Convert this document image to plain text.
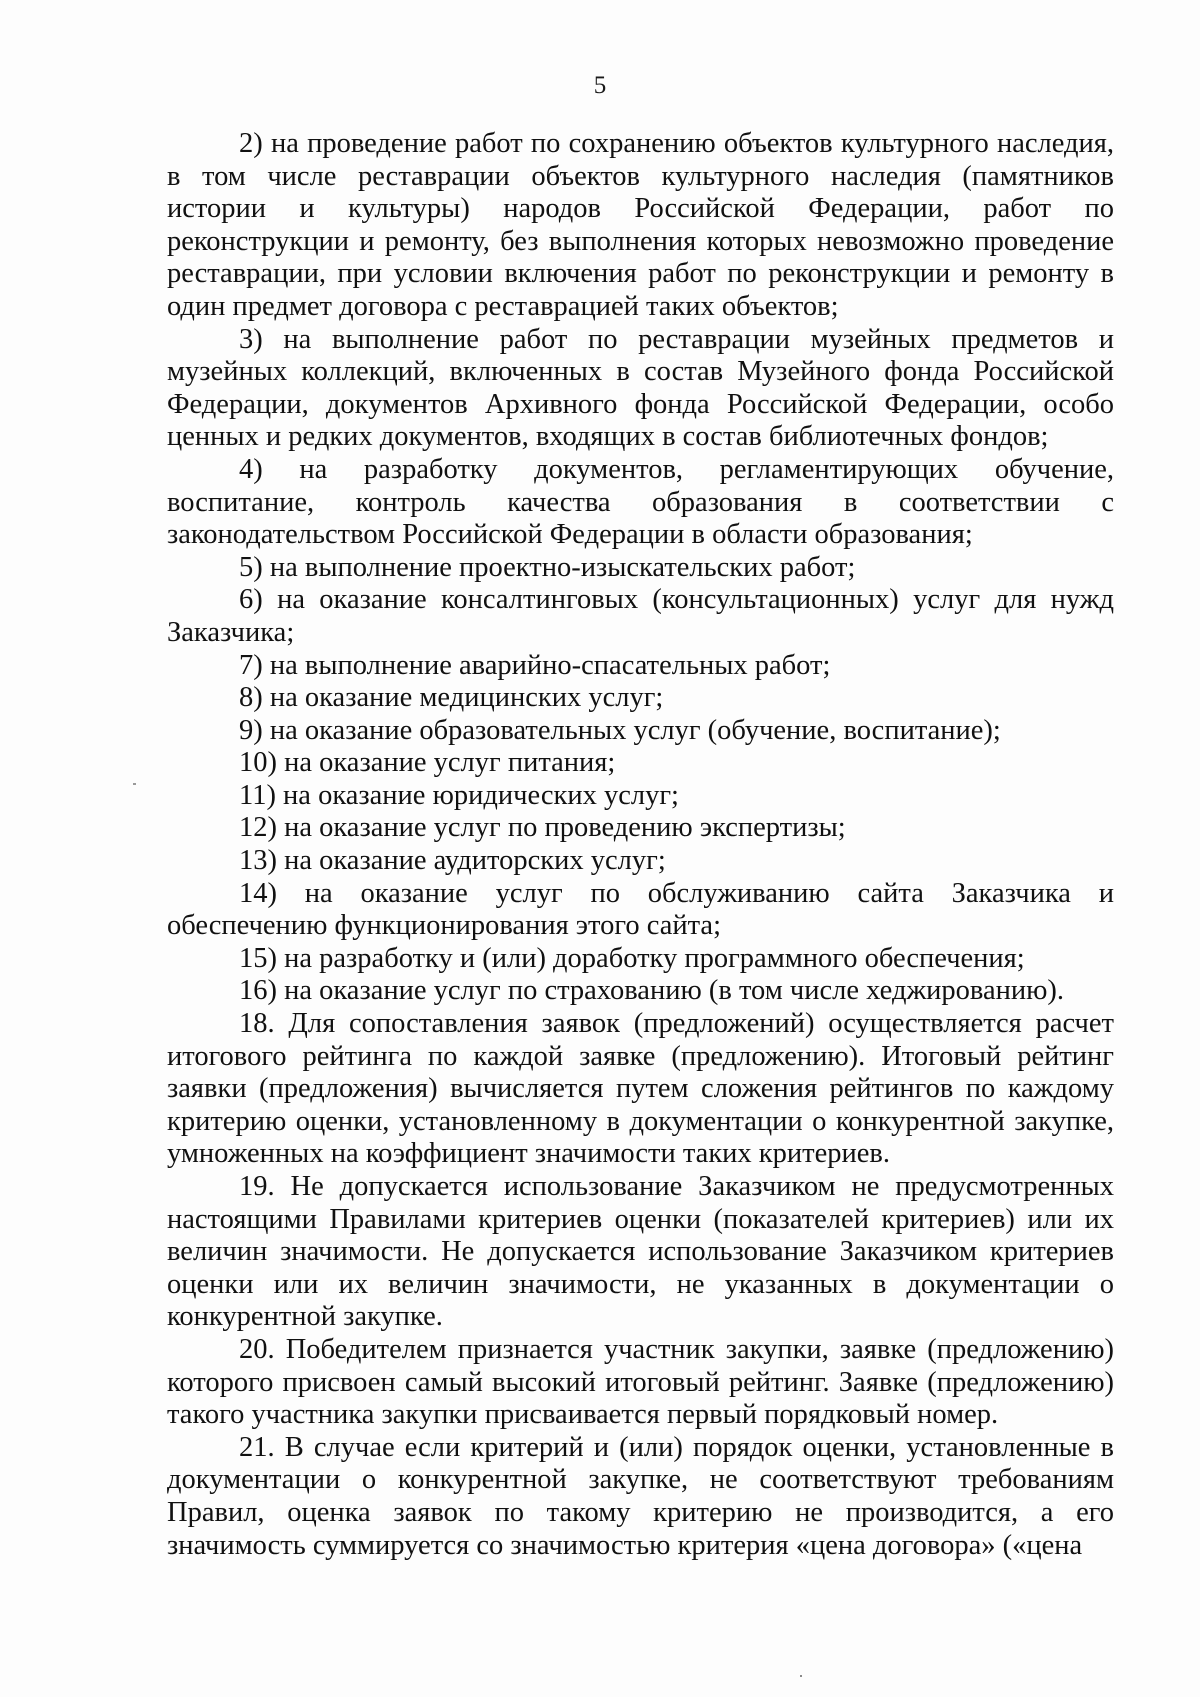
5

2) на проведение работ по сохранению объектов культурного наследия, в том числе реставрации объектов культурного наследия (памятников истории и культуры) народов Российской Федерации, работ по реконструкции и ремонту, без выполнения которых невозможно проведение реставрации, при условии включения работ по реконструкции и ремонту в один предмет договора с реставрацией таких объектов;

3) на выполнение работ по реставрации музейных предметов и музейных коллекций, включенных в состав Музейного фонда Российской Федерации, документов Архивного фонда Российской Федерации, особо ценных и редких документов, входящих в состав библиотечных фондов;

4) на разработку документов, регламентирующих обучение, воспитание, контроль качества образования в соответствии с законодательством Российской Федерации в области образования;

5) на выполнение проектно-изыскательских работ;

6) на оказание консалтинговых (консультационных) услуг для нужд Заказчика;

7) на выполнение аварийно-спасательных работ;

8) на оказание медицинских услуг;

9) на оказание образовательных услуг (обучение, воспитание);

10) на оказание услуг питания;

11) на оказание юридических услуг;

12) на оказание услуг по проведению экспертизы;

13) на оказание аудиторских услуг;

14) на оказание услуг по обслуживанию сайта Заказчика и обеспечению функционирования этого сайта;

15) на разработку и (или) доработку программного обеспечения;

16) на оказание услуг по страхованию (в том числе хеджированию).

18. Для сопоставления заявок (предложений) осуществляется расчет итогового рейтинга по каждой заявке (предложению). Итоговый рейтинг заявки (предложения) вычисляется путем сложения рейтингов по каждому критерию оценки, установленному в документации о конкурентной закупке, умноженных на коэффициент значимости таких критериев.

19. Не допускается использование Заказчиком не предусмотренных настоящими Правилами критериев оценки (показателей критериев) или их величин значимости. Не допускается использование Заказчиком критериев оценки или их величин значимости, не указанных в документации о конкурентной закупке.

20. Победителем признается участник закупки, заявке (предложению) которого присвоен самый высокий итоговый рейтинг. Заявке (предложению) такого участника закупки присваивается первый порядковый номер.

21. В случае если критерий и (или) порядок оценки, установленные в документации о конкурентной закупке, не соответствуют требованиям Правил, оценка заявок по такому критерию не производится, а его значимость суммируется со значимостью критерия «цена договора» («цена
